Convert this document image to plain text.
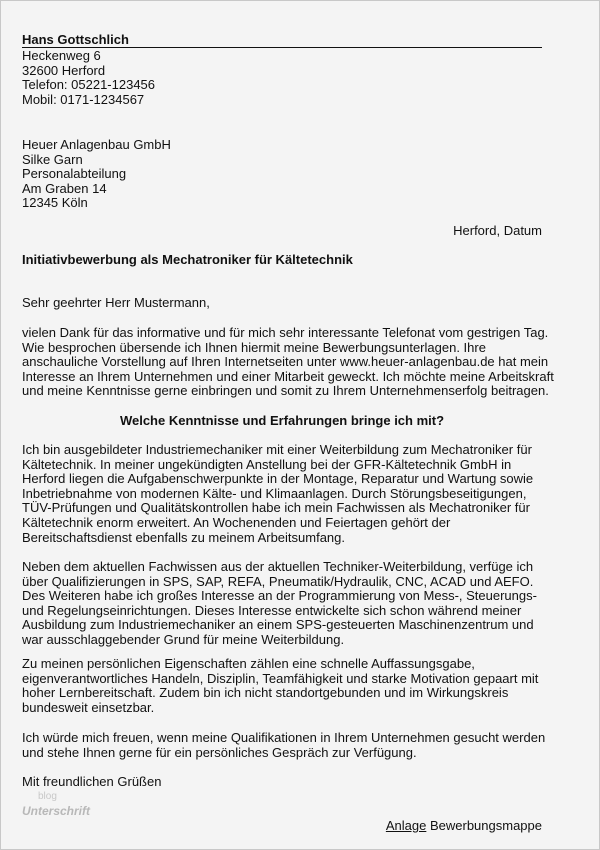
Hans Gottschlich
Heckenweg 6
32600 Herford
Telefon: 05221-123456
Mobil: 0171-1234567
Heuer Anlagenbau GmbH
Silke Garn
Personalabteilung
Am Graben 14
12345 Köln
Herford, Datum
Initiativbewerbung als Mechatroniker für Kältetechnik
Sehr geehrter Herr Mustermann,
vielen Dank für das informative und für mich sehr interessante Telefonat vom gestrigen Tag.
Wie besprochen übersende ich Ihnen hiermit meine Bewerbungsunterlagen. Ihre
anschauliche Vorstellung auf Ihren Internetseiten unter www.heuer-anlagenbau.de hat mein
Interesse an Ihrem Unternehmen und einer Mitarbeit geweckt. Ich möchte meine Arbeitskraft
und meine Kenntnisse gerne einbringen und somit zu Ihrem Unternehmenserfolg beitragen.
Welche Kenntnisse und Erfahrungen bringe ich mit?
Ich bin ausgebildeter Industriemechaniker mit einer Weiterbildung zum Mechatroniker für
Kältetechnik. In meiner ungekündigten Anstellung bei der GFR-Kältetechnik GmbH in
Herford liegen die Aufgabenschwerpunkte in der Montage, Reparatur und Wartung sowie
Inbetriebnahme von modernen Kälte- und Klimaanlagen. Durch Störungsbeseitigungen,
TÜV-Prüfungen und Qualitätskontrollen habe ich mein Fachwissen als Mechatroniker für
Kältetechnik enorm erweitert. An Wochenenden und Feiertagen gehört der
Bereitschaftsdienst ebenfalls zu meinem Arbeitsumfang.
Neben dem aktuellen Fachwissen aus der aktuellen Techniker-Weiterbildung, verfüge ich
über Qualifizierungen in SPS, SAP, REFA, Pneumatik/Hydraulik, CNC, ACAD und AEFO.
Des Weiteren habe ich großes Interesse an der Programmierung von Mess-, Steuerungs-
und Regelungseinrichtungen. Dieses Interesse entwickelte sich schon während meiner
Ausbildung zum Industriemechaniker an einem SPS-gesteuerten Maschinenzentrum und
war ausschlaggebender Grund für meine Weiterbildung.
Zu meinen persönlichen Eigenschaften zählen eine schnelle Auffassungsgabe,
eigenverantwortliches Handeln, Disziplin, Teamfähigkeit und starke Motivation gepaart mit
hoher Lernbereitschaft. Zudem bin ich nicht standortgebunden und im Wirkungskreis
bundesweit einsetzbar.
Ich würde mich freuen, wenn meine Qualifikationen in Ihrem Unternehmen gesucht werden
und stehe Ihnen gerne für ein persönliches Gespräch zur Verfügung.
Mit freundlichen Grüßen
blog
Unterschrift
Anlage Bewerbungsmappe
